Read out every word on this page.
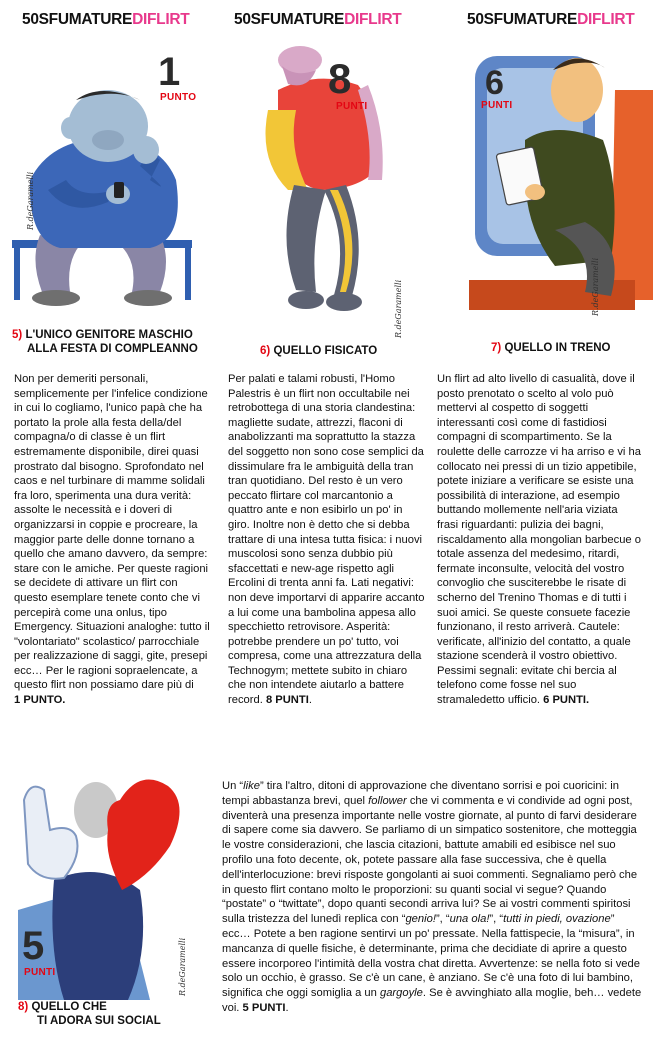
50SFUMATUREDIFLIRT
1
PUNTO
R.deGaramelli
5) L'UNICO GENITORE MASCHIO
ALLA FESTA DI COMPLEANNO
50SFUMATUREDIFLIRT
8
PUNTI
R.deGaramelli
6) QUELLO FISICATO
50SFUMATUREDIFLIRT
6
PUNTI
R.deGaramelli
7) QUELLO IN TRENO
Non per demeriti personali, semplicemente per l'infelice condizione in cui lo cogliamo, l'unico papà che ha portato la prole alla festa della/del compagna/o di classe è un flirt estremamente disponibile, direi quasi prostrato dal bisogno. Sprofondato nel caos e nel turbinare di mamme solidali fra loro, sperimenta una dura verità: assolte le necessità e i doveri di organizzarsi in coppie e procreare, la maggior parte delle donne tornano a quello che amano davvero, da sempre: stare con le amiche. Per queste ragioni se decidete di attivare un flirt con questo esemplare tenete conto che vi percepirà come una onlus, tipo Emergency. Situazioni analoghe: tutto il "volontariato" scolastico/ parrocchiale per realizzazione di saggi, gite, presepi ecc… Per le ragioni sopraelencate, a questo flirt non possiamo dare più di
1 PUNTO.
Per palati e talami robusti, l'Homo Palestris è un flirt non occultabile nei retrobottega di una storia clandestina: magliette sudate, attrezzi, flaconi di anabolizzanti ma soprattutto la stazza del soggetto non sono cose semplici da dissimulare fra le ambiguità della tran tran quotidiano. Del resto è un vero peccato flirtare col marcantonio a quattro ante e non esibirlo un po' in giro. Inoltre non è detto che si debba trattare di una intesa tutta fisica: i nuovi muscolosi sono senza dubbio più sfaccettati e new-age rispetto agli Ercolini di trenta anni fa. Lati negativi: non deve importarvi di apparire accanto a lui come una bambolina appesa allo specchietto retrovisore. Asperità: potrebbe prendere un po' tutto, voi compresa, come una attrezzatura della Technogym; mettete subito in chiaro che non intendete aiutarlo a battere record. 8 PUNTI.
Un flirt ad alto livello di casualità, dove il posto prenotato o scelto al volo può mettervi al cospetto di soggetti interessanti così come di fastidiosi compagni di scompartimento. Se la roulette delle carrozze vi ha arriso e vi ha collocato nei pressi di un tizio appetibile, potete iniziare a verificare se esiste una possibilità di interazione, ad esempio buttando mollemente nell'aria viziata frasi riguardanti: pulizia dei bagni, riscaldamento alla mongolian barbecue o totale assenza del medesimo, ritardi, fermate inconsulte, velocità del vostro convoglio che susciterebbe le risate di scherno del Trenino Thomas e di tutti i suoi amici. Se queste consuete facezie funzionano, il resto arriverà. Cautele: verificate, all'inizio del contatto, a quale stazione scenderà il vostro obiettivo. Pessimi segnali: evitate chi bercia al telefono come fosse nel suo stramaledetto ufficio. 6 PUNTI.
5
PUNTI	R.deGaramelli
8) QUELLO CHE
TI ADORA SUI SOCIAL
Un “like” tira l'altro, ditoni di approvazione che diventano sorrisi e poi cuoricini: in tempi abbastanza brevi, quel follower che vi commenta e vi condivide ad ogni post, diventerà una presenza importante nelle vostre giornate, al punto di farvi desiderare di sapere come sia davvero. Se parliamo di un simpatico sostenitore, che motteggia le vostre considerazioni, che lascia citazioni, battute amabili ed esibisce nel suo profilo una foto decente, ok, potete passare alla fase successiva, che è quella dell'interlocuzione: brevi risposte gongolanti ai suoi commenti. Segnaliamo però che in questo flirt contano molto le proporzioni: su quanti social vi segue? Quando “postate” o “twittate”, dopo quanti secondi arriva lui? Se ai vostri commenti spiritosi sulla tristezza del lunedì replica con “genio!”, “una ola!”, “tutti in piedi, ovazione” ecc… Potete a ben ragione sentirvi un po' pressate. Nella fattispecie, la “misura”, in mancanza di quelle fisiche, è determinante, prima che decidiate di aprire a questo essere incorporeo l'intimità della vostra chat diretta. Avvertenze: se nella foto si vede solo un occhio, è grasso. Se c'è un cane, è anziano. Se c'è una foto di lui bambino, significa che oggi somiglia a un gargoyle. Se è avvinghiato alla moglie, beh… vedete voi. 5 PUNTI.
